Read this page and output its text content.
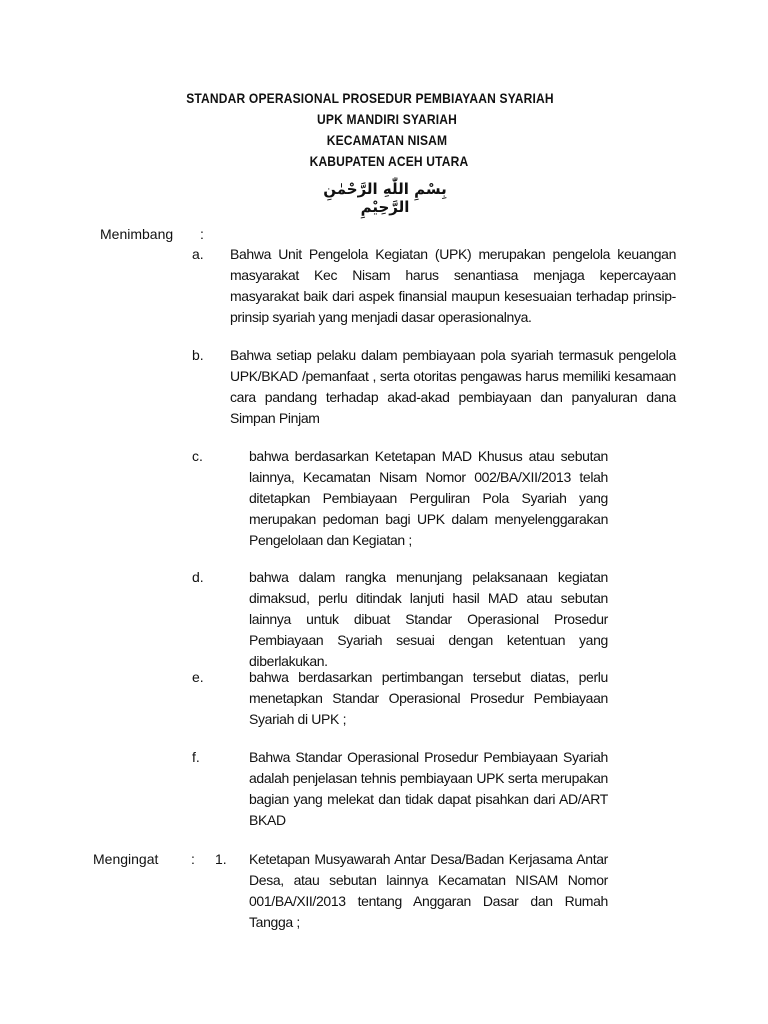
STANDAR OPERASIONAL PROSEDUR PEMBIAYAAN SYARIAH
UPK MANDIRI SYARIAH
KECAMATAN NISAM
KABUPATEN ACEH UTARA
بِسْمِ اللّٰهِ الرَّحْمٰنِ الرَّحِيْمِ
Menimbang :
a. Bahwa Unit Pengelola Kegiatan (UPK) merupakan pengelola keuangan masyarakat Kec Nisam harus senantiasa menjaga kepercayaan masyarakat baik dari aspek finansial maupun kesesuaian terhadap prinsip-prinsip syariah yang menjadi dasar operasionalnya.
b. Bahwa setiap pelaku dalam pembiayaan pola syariah termasuk pengelola UPK/BKAD /pemanfaat , serta otoritas pengawas harus memiliki kesamaan cara pandang terhadap akad-akad pembiayaan dan panyaluran dana Simpan Pinjam
c.	bahwa berdasarkan Ketetapan MAD Khusus atau sebutan lainnya, Kecamatan Nisam Nomor 002/BA/XII/2013 telah ditetapkan Pembiayaan Perguliran Pola Syariah yang merupakan pedoman bagi UPK dalam menyelenggarakan Pengelolaan dan Kegiatan ;
d.	bahwa dalam rangka menunjang pelaksanaan kegiatan dimaksud, perlu ditindak lanjuti hasil MAD atau sebutan lainnya untuk dibuat Standar Operasional Prosedur Pembiayaan Syariah sesuai dengan ketentuan yang diberlakukan.
e.	bahwa berdasarkan pertimbangan tersebut diatas, perlu menetapkan Standar Operasional Prosedur Pembiayaan Syariah di UPK ;
f.	Bahwa Standar Operasional Prosedur Pembiayaan Syariah adalah penjelasan tehnis pembiayaan UPK serta merupakan bagian yang melekat dan tidak dapat pisahkan dari AD/ART BKAD
Mengingat : 1. Ketetapan Musyawarah Antar Desa/Badan Kerjasama Antar Desa, atau sebutan lainnya Kecamatan NISAM Nomor 001/BA/XII/2013 tentang Anggaran Dasar dan Rumah Tangga ;
